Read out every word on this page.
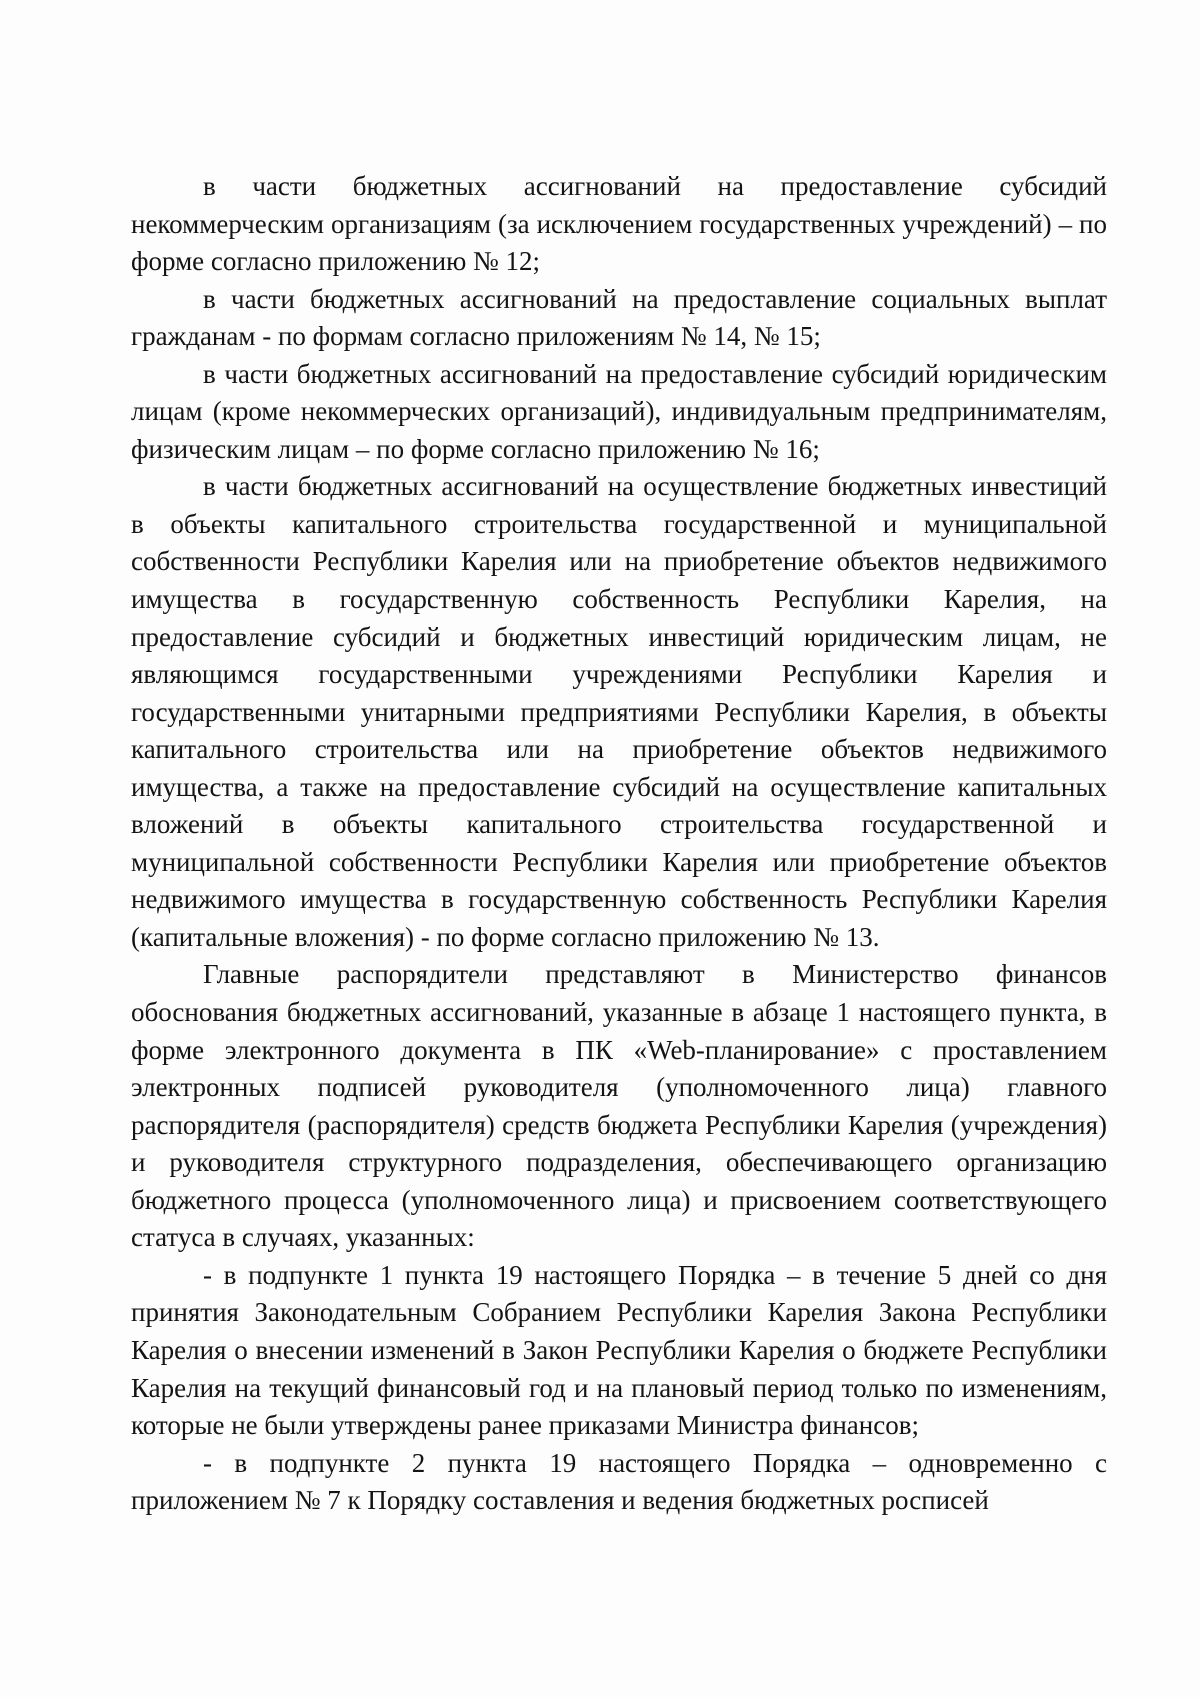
в части бюджетных ассигнований на предоставление субсидий некоммерческим организациям (за исключением государственных учреждений) – по форме согласно приложению № 12;

в части бюджетных ассигнований на предоставление социальных выплат гражданам - по формам согласно приложениям № 14, № 15;

в части бюджетных ассигнований на предоставление субсидий юридическим лицам (кроме некоммерческих организаций), индивидуальным предпринимателям, физическим лицам – по форме согласно приложению № 16;

в части бюджетных ассигнований на осуществление бюджетных инвестиций в объекты капитального строительства государственной и муниципальной собственности Республики Карелия или на приобретение объектов недвижимого имущества в государственную собственность Республики Карелия, на предоставление субсидий и бюджетных инвестиций юридическим лицам, не являющимся государственными учреждениями Республики Карелия и государственными унитарными предприятиями Республики Карелия, в объекты капитального строительства или на приобретение объектов недвижимого имущества, а также на предоставление субсидий на осуществление капитальных вложений в объекты капитального строительства государственной и муниципальной собственности Республики Карелия или приобретение объектов недвижимого имущества в государственную собственность Республики Карелия (капитальные вложения) - по форме согласно приложению № 13.

Главные распорядители представляют в Министерство финансов обоснования бюджетных ассигнований, указанные в абзаце 1 настоящего пункта, в форме электронного документа в ПК «Web-планирование» с проставлением электронных подписей руководителя (уполномоченного лица) главного распорядителя (распорядителя) средств бюджета Республики Карелия (учреждения) и руководителя структурного подразделения, обеспечивающего организацию бюджетного процесса (уполномоченного лица) и присвоением соответствующего статуса в случаях, указанных:

- в подпункте 1 пункта 19 настоящего Порядка – в течение 5 дней со дня принятия Законодательным Собранием Республики Карелия Закона Республики Карелия о внесении изменений в Закон Республики Карелия о бюджете Республики Карелия на текущий финансовый год и на плановый период только по изменениям, которые не были утверждены ранее приказами Министра финансов;

- в подпункте 2 пункта 19 настоящего Порядка – одновременно с приложением № 7 к Порядку составления и ведения бюджетных росписей
